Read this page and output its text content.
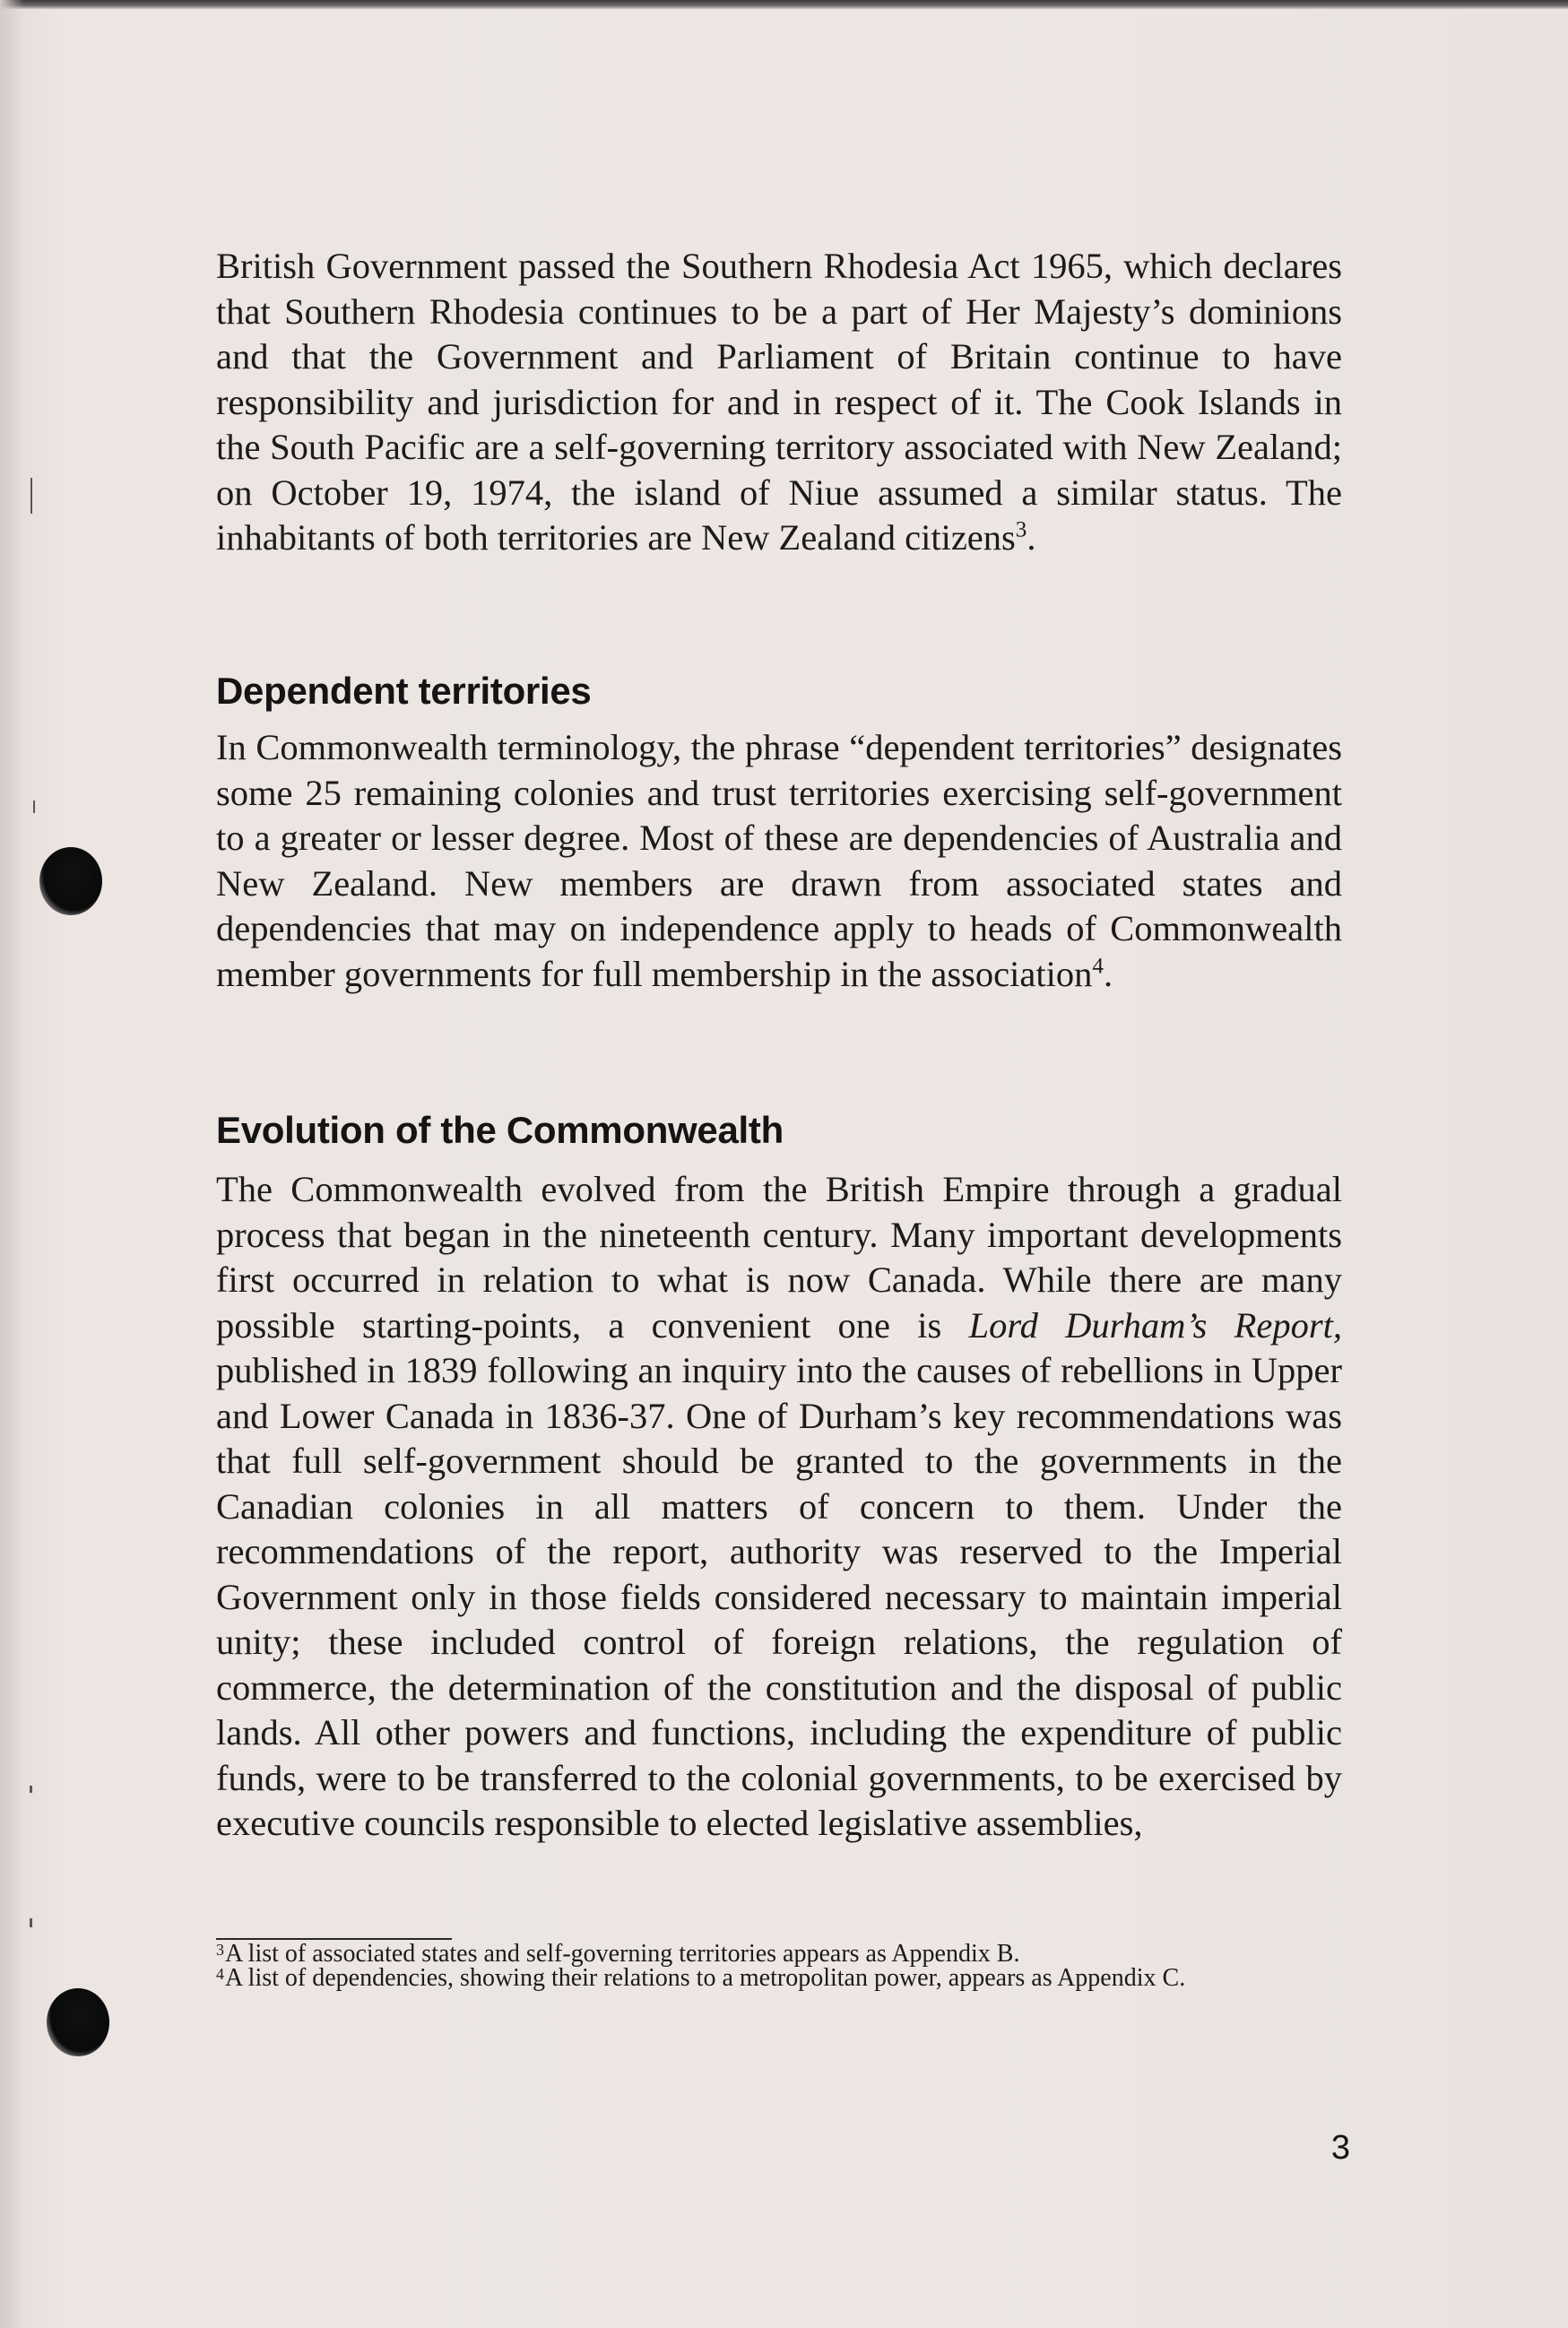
British Government passed the Southern Rhodesia Act 1965, which declares that Southern Rhodesia continues to be a part of Her Majesty’s dominions and that the Government and Parliament of Britain continue to have responsibility and jurisdiction for and in respect of it. The Cook Islands in the South Pacific are a self-governing territory associated with New Zealand; on October 19, 1974, the island of Niue assumed a similar status. The inhabitants of both territories are New Zealand citizens$^3$.

Dependent territories

In Commonwealth terminology, the phrase “dependent territories” designates some 25 remaining colonies and trust territories exercising self-government to a greater or lesser degree. Most of these are dependencies of Australia and New Zealand. New members are drawn from associated states and dependencies that may on independence apply to heads of Commonwealth member governments for full membership in the association$^4$.

Evolution of the Commonwealth

The Commonwealth evolved from the British Empire through a gradual process that began in the nineteenth century. Many important developments first occurred in relation to what is now Canada. While there are many possible starting-points, a convenient one is Lord Durham’s Report, published in 1839 following an inquiry into the causes of rebellions in Upper and Lower Canada in 1836-37. One of Durham’s key recommendations was that full self-government should be granted to the governments in the Canadian colonies in all matters of concern to them. Under the recommendations of the report, authority was reserved to the Imperial Government only in those fields considered necessary to maintain imperial unity; these included control of foreign relations, the regulation of commerce, the determination of the constitution and the disposal of public lands. All other powers and functions, including the expenditure of public funds, were to be transferred to the colonial governments, to be exercised by executive councils responsible to elected legislative assemblies,

3 A list of associated states and self-governing territories appears as Appendix B.
4 A list of dependencies, showing their relations to a metropolitan power, appears as Appendix C.
3
